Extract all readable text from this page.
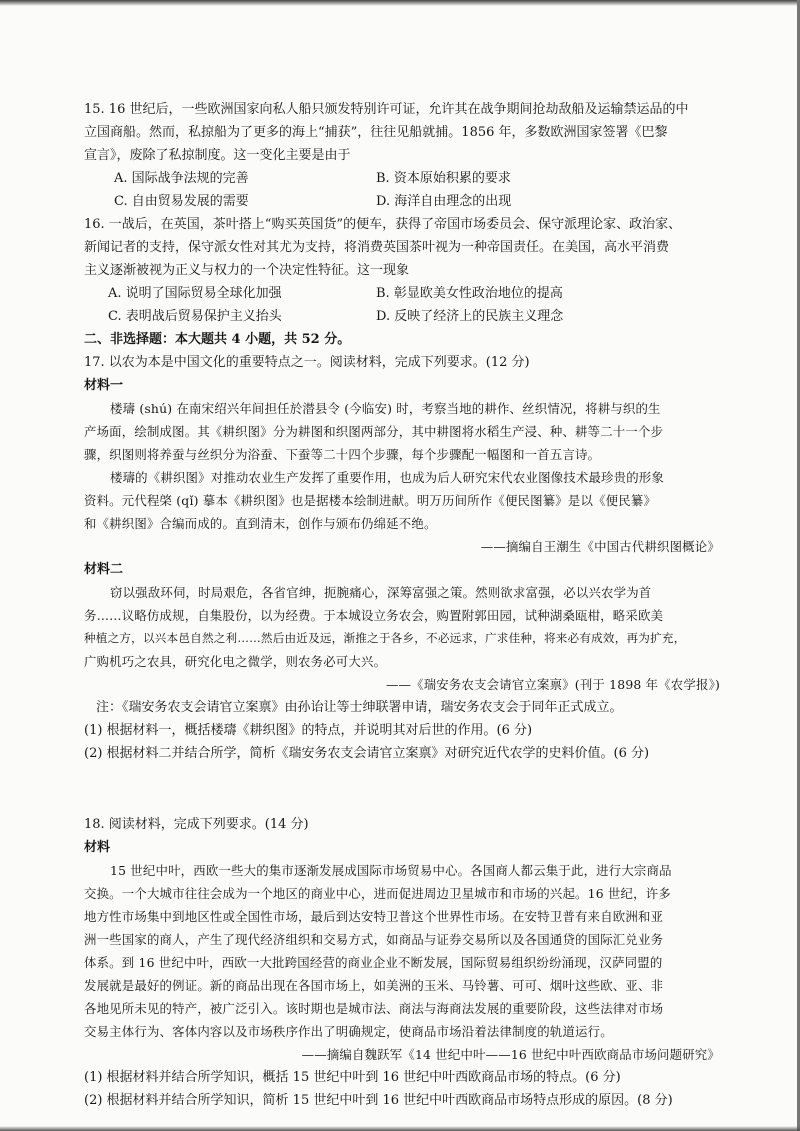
15. 16 世纪后，一些欧洲国家向私人船只颁发特别许可证，允许其在战争期间抢劫敌船及运输禁运品的中
立国商船。然而，私掠船为了更多的海上“捕获”，往往见船就捕。1856 年，多数欧洲国家签署《巴黎
宣言》，废除了私掠制度。这一变化主要是由于
A. 国际战争法规的完善	B. 资本原始积累的要求
C. 自由贸易发展的需要	D. 海洋自由理念的出现
16. 一战后，在英国，茶叶搭上“购买英国货”的便车，获得了帝国市场委员会、保守派理论家、政治家、
新闻记者的支持，保守派女性对其尤为支持，将消费英国茶叶视为一种帝国责任。在美国，高水平消费
主义逐渐被视为正义与权力的一个决定性特征。这一现象
A. 说明了国际贸易全球化加强	B. 彰显欧美女性政治地位的提高
C. 表明战后贸易保护主义抬头	D. 反映了经济上的民族主义理念
二、非选择题：本大题共 4 小题，共 52 分。
17. 以农为本是中国文化的重要特点之一。阅读材料，完成下列要求。(12 分)
材料一
楼璹 (shú) 在南宋绍兴年间担任於潜县令 (今临安) 时，考察当地的耕作、丝织情况，将耕与织的生
产场面，绘制成图。其《耕织图》分为耕图和织图两部分，其中耕图将水稻生产浸、种、耕等二十一个步
骤，织图则将养蚕与丝织分为浴蚕、下蚕等二十四个步骤，每个步骤配一幅图和一首五言诗。
楼璹的《耕织图》对推动农业生产发挥了重要作用，也成为后人研究宋代农业图像技术最珍贵的形象
资料。元代程棨 (qǐ) 摹本《耕织图》也是据楼本绘制进献。明万历间所作《便民图纂》是以《便民纂》
和《耕织图》合编而成的。直到清末，创作与颁布仍绵延不绝。
——摘编自王潮生《中国古代耕织图概论》
材料二
窃以强敌环伺，时局艰危，各省官绅，扼腕痛心，深筹富强之策。然则欲求富强，必以兴农学为首
务……议略仿成规，自集股份，以为经费。于本城设立务农会，购置附郭田园，试种湖桑瓯柑，略采欧美
种植之方，以兴本邑自然之利……然后由近及远，渐推之于各乡，不必远求，广求佳种，将来必有成效，再为扩充，
广购机巧之农具，研究化电之微学，则农务必可大兴。
——《瑞安务农支会请官立案禀》(刊于 1898 年《农学报》)
注：《瑞安务农支会请官立案禀》由孙诒让等士绅联署申请，瑞安务农支会于同年正式成立。
(1) 根据材料一，概括楼璹《耕织图》的特点，并说明其对后世的作用。(6 分)
(2) 根据材料二并结合所学，简析《瑞安务农支会请官立案禀》对研究近代农学的史料价值。(6 分)
18. 阅读材料，完成下列要求。(14 分)
材料
15 世纪中叶，西欧一些大的集市逐渐发展成国际市场贸易中心。各国商人都云集于此，进行大宗商品
交换。一个大城市往往会成为一个地区的商业中心，进而促进周边卫星城市和市场的兴起。16 世纪，许多
地方性市场集中到地区性或全国性市场，最后到达安特卫普这个世界性市场。在安特卫普有来自欧洲和亚
洲一些国家的商人，产生了现代经济组织和交易方式，如商品与证券交易所以及各国通贷的国际汇兑业务
体系。到 16 世纪中叶，西欧一大批跨国经营的商业企业不断发展，国际贸易组织纷纷涌现，汉萨同盟的
发展就是最好的例证。新的商品出现在各国市场上，如美洲的玉米、马铃薯、可可、烟叶这些欧、亚、非
各地见所未见的特产，被广泛引入。该时期也是城市法、商法与海商法发展的重要阶段，这些法律对市场
交易主体行为、客体内容以及市场秩序作出了明确规定，使商品市场沿着法律制度的轨道运行。
——摘编自魏跃军《14 世纪中叶——16 世纪中叶西欧商品市场问题研究》
(1) 根据材料并结合所学知识，概括 15 世纪中叶到 16 世纪中叶西欧商品市场的特点。(6 分)
(2) 根据材料并结合所学知识，简析 15 世纪中叶到 16 世纪中叶西欧商品市场特点形成的原因。(8 分)
